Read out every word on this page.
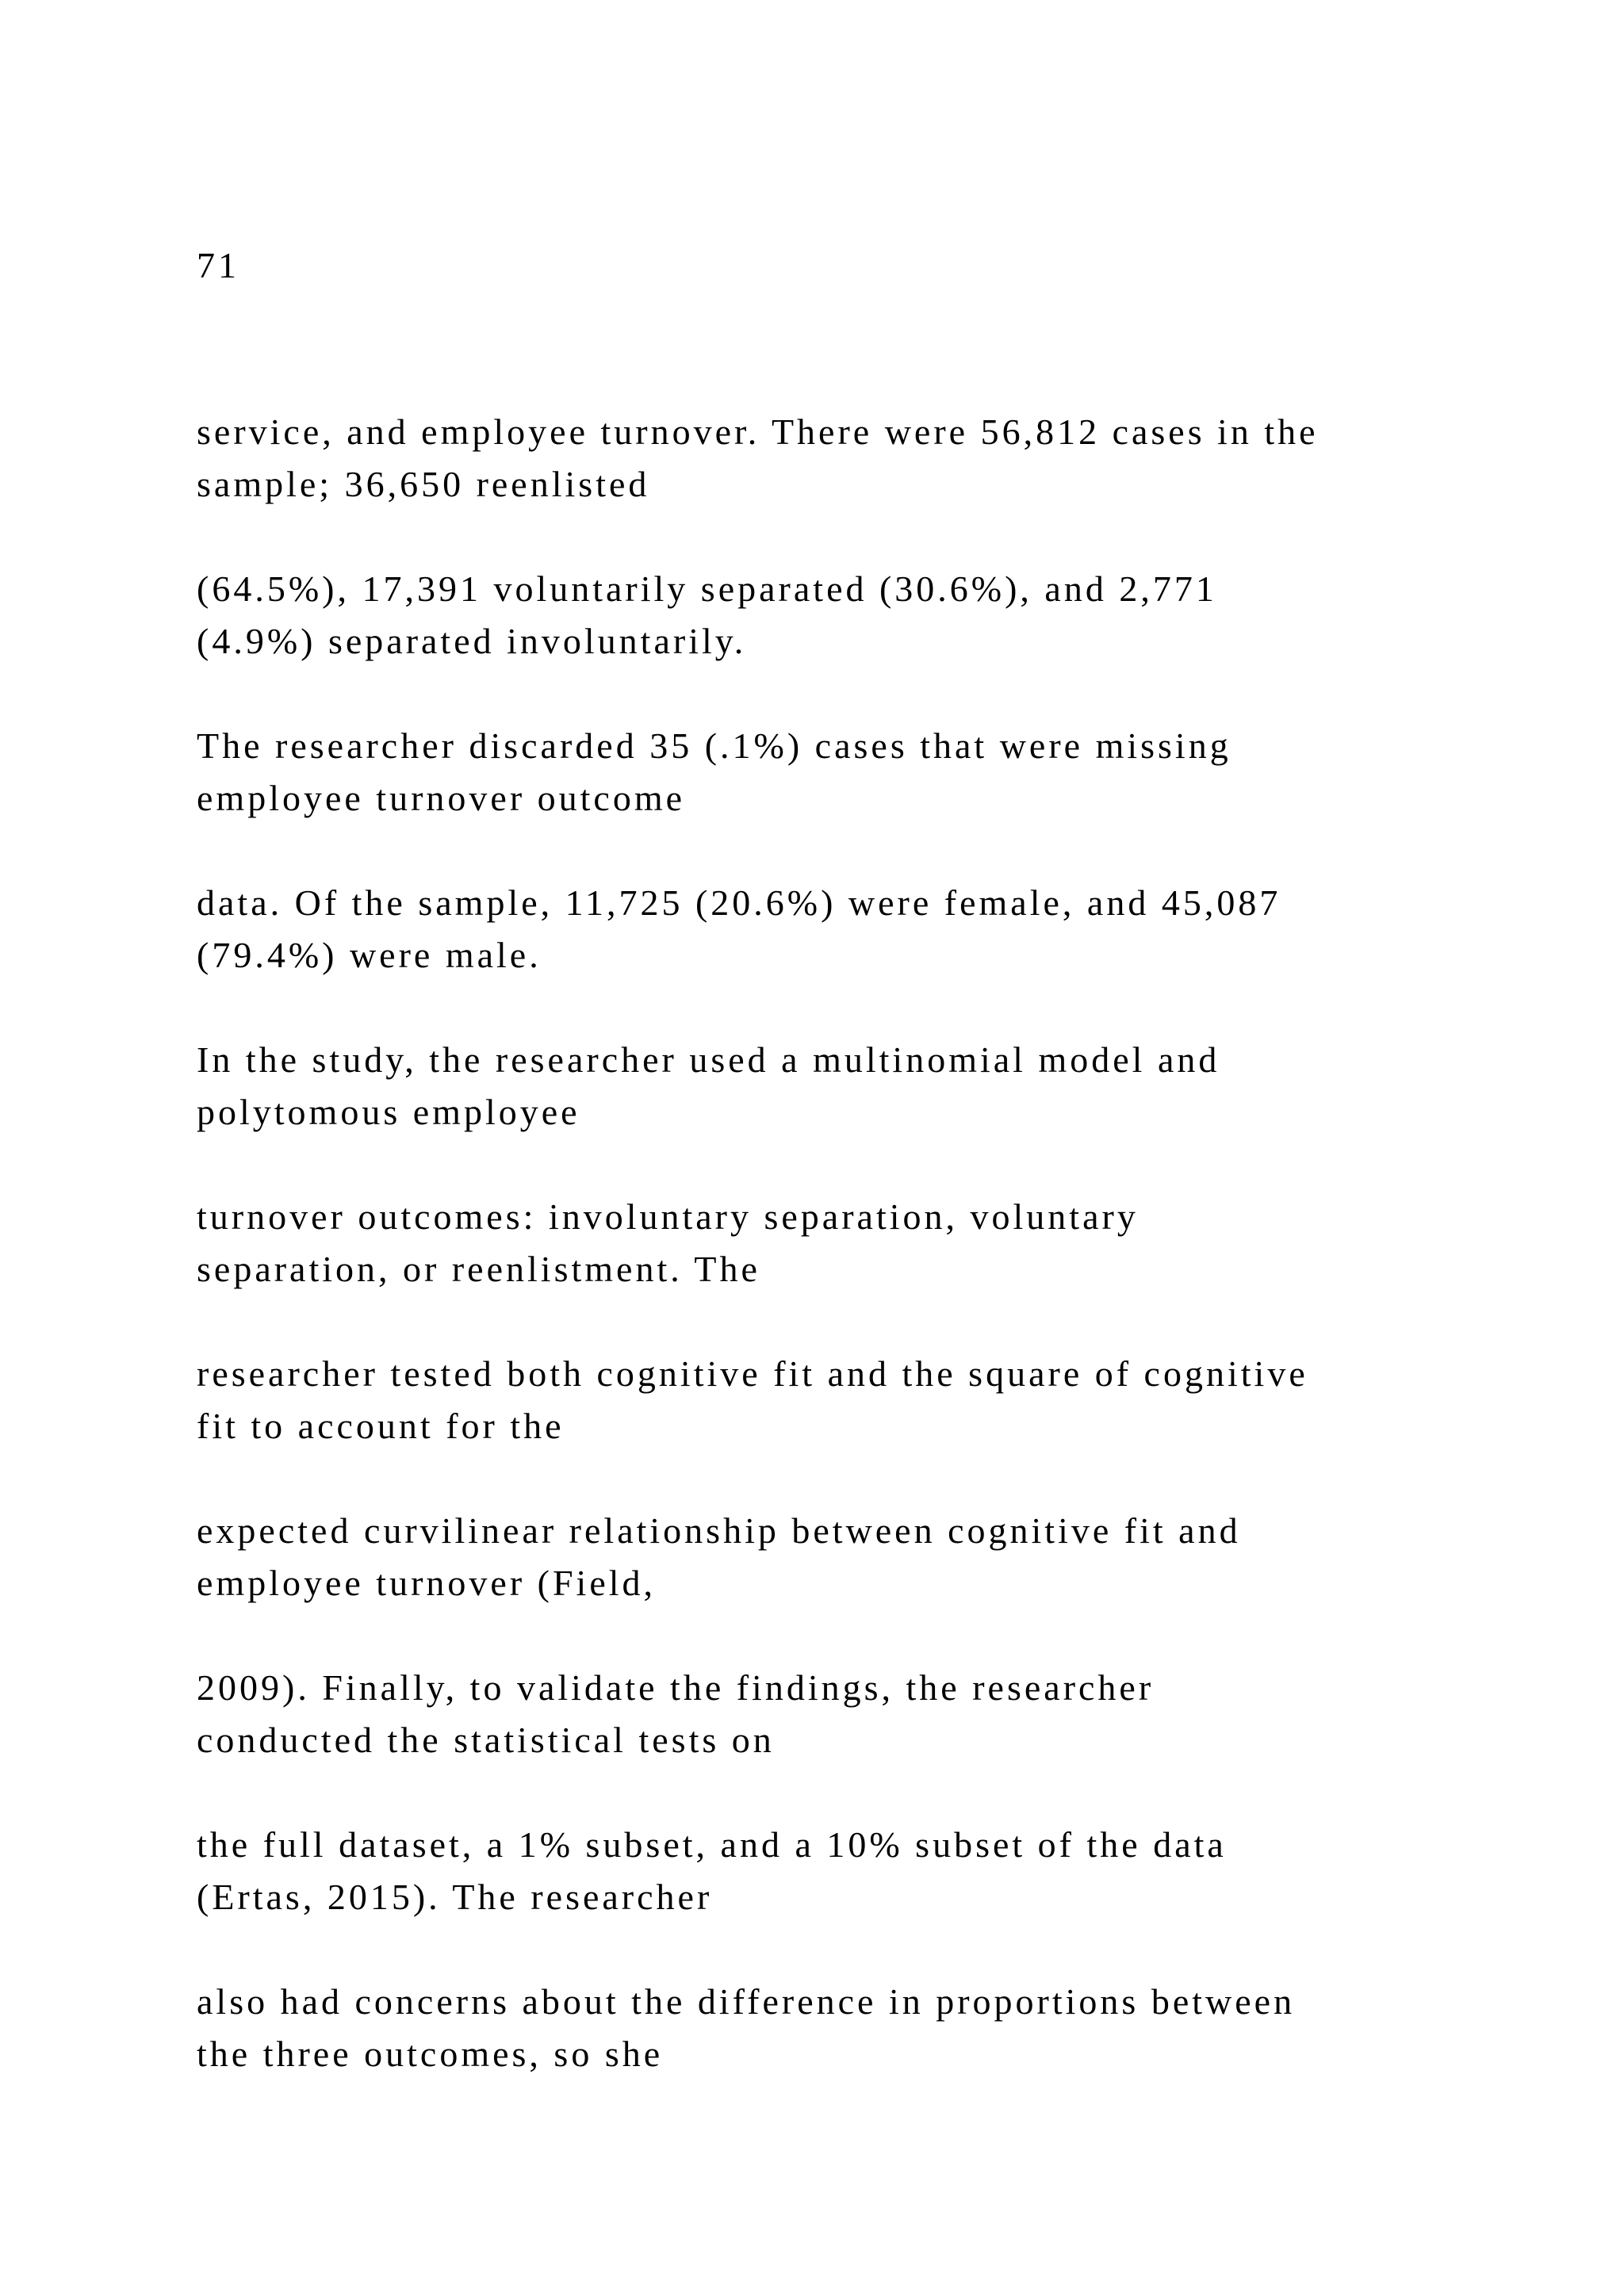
71

service, and employee turnover. There were 56,812 cases in the

sample; 36,650 reenlisted

(64.5%), 17,391 voluntarily separated (30.6%), and 2,771

(4.9%) separated involuntarily.

The researcher discarded 35 (.1%) cases that were missing

employee turnover outcome

data. Of the sample, 11,725 (20.6%) were female, and 45,087

(79.4%) were male.

In the study, the researcher used a multinomial model and

polytomous employee

turnover outcomes: involuntary separation, voluntary

separation, or reenlistment. The

researcher tested both cognitive fit and the square of cognitive

fit to account for the

expected curvilinear relationship between cognitive fit and

employee turnover (Field,

2009). Finally, to validate the findings, the researcher

conducted the statistical tests on

the full dataset, a 1% subset, and a 10% subset of the data

(Ertas, 2015). The researcher

also had concerns about the difference in proportions between

the three outcomes, so she
